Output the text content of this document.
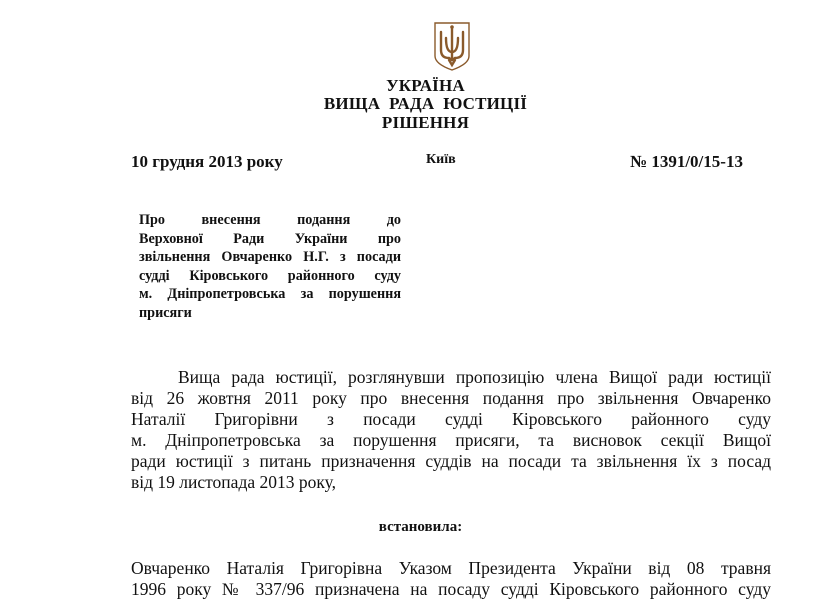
УКРАЇНА
ВИЩА  РАДА  ЮСТИЦІЇ
РІШЕННЯ
10 грудня 2013 року	Київ	№ 1391/0/15-13
Про внесення подання до
Верховної Ради України про
звільнення Овчаренко Н.Г. з посади
судді Кіровського районного суду
м. Дніпропетровська за порушення
присяги
Вища рада юстиції, розглянувши пропозицію члена Вищої ради юстиції
від 26 жовтня 2011 року про внесення подання про звільнення Овчаренко
Наталії Григорівни з посади судді Кіровського районного суду
м. Дніпропетровська за порушення присяги, та висновок секції Вищої
ради юстиції з питань призначення суддів на посади та звільнення їх з посад
від 19 листопада 2013 року,
встановила:
Овчаренко Наталія Григорівна Указом Президента України від 08 травня
1996 року № 337/96 призначена на посаду судді Кіровського районного суду
